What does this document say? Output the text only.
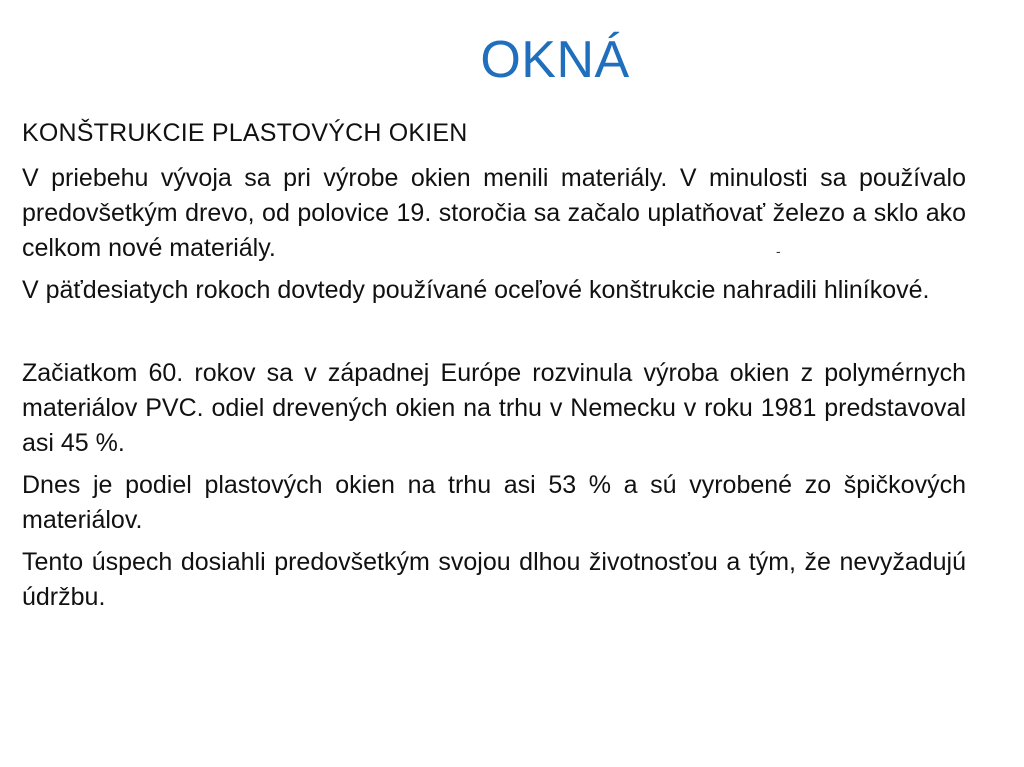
OKNÁ

KONŠTRUKCIE PLASTOVÝCH OKIEN

V priebehu vývoja sa pri výrobe okien menili materiály. V minulosti sa používalo predovšetkým drevo, od polovice 19. storočia sa začalo uplatňovať železo a sklo ako celkom nové materiály.

V päťdesiatych rokoch dovtedy používané oceľové konštrukcie nahradili hliníkové.

Začiatkom 60. rokov sa v západnej Európe rozvinula výroba okien z polymérnych materiálov PVC. odiel drevených okien na trhu v Nemecku v roku 1981 predstavoval asi 45 %.

Dnes je podiel plastových okien na trhu asi 53 % a sú vyrobené zo špičkových materiálov.

Tento úspech dosiahli predovšetkým svojou dlhou životnosťou a tým, že nevyžadujú údržbu.

-
